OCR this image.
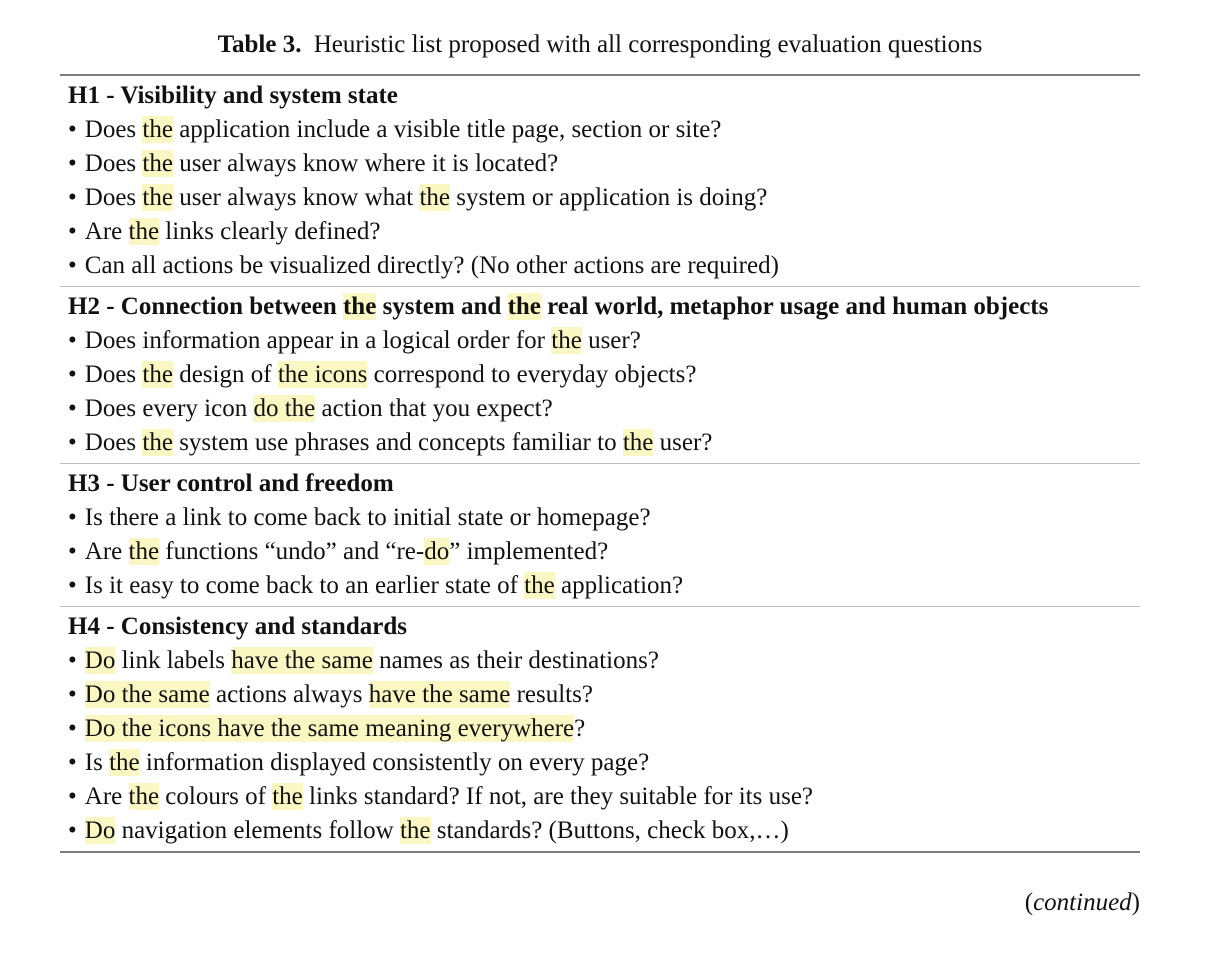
Table 3. Heuristic list proposed with all corresponding evaluation questions
H1 - Visibility and system state
• Does the application include a visible title page, section or site?
• Does the user always know where it is located?
• Does the user always know what the system or application is doing?
• Are the links clearly defined?
• Can all actions be visualized directly? (No other actions are required)
H2 - Connection between the system and the real world, metaphor usage and human objects
• Does information appear in a logical order for the user?
• Does the design of the icons correspond to everyday objects?
• Does every icon do the action that you expect?
• Does the system use phrases and concepts familiar to the user?
H3 - User control and freedom
• Is there a link to come back to initial state or homepage?
• Are the functions “undo” and “re-do” implemented?
• Is it easy to come back to an earlier state of the application?
H4 - Consistency and standards
• Do link labels have the same names as their destinations?
• Do the same actions always have the same results?
• Do the icons have the same meaning everywhere?
• Is the information displayed consistently on every page?
• Are the colours of the links standard? If not, are they suitable for its use?
• Do navigation elements follow the standards? (Buttons, check box,…)
(continued)
